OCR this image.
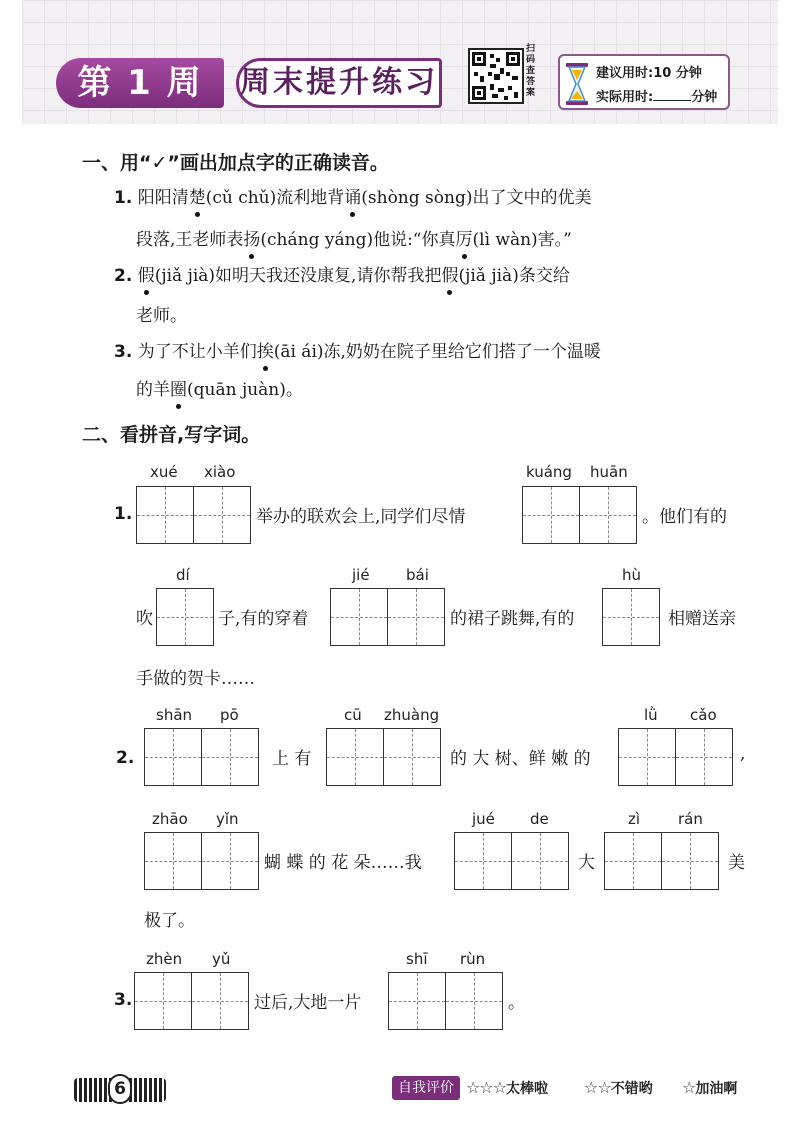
第 1 周	周末提升练习
扫码查答案
建议用时:10 分钟
实际用时:	分钟
一、用“✓”画出加点字的正确读音。
1. 阳阳清楚(cǔ chǔ)流利地背诵(shòng sòng)出了文中的优美
段落,王老师表扬(cháng yáng)他说:“你真厉(lì wàn)害。”
2. 假(jiǎ jià)如明天我还没康复,请你帮我把假(jiǎ jià)条交给
老师。
3. 为了不让小羊们挨(āi ái)冻,奶奶在院子里给它们搭了一个温暖
的羊圈(quān juàn)。
二、看拼音,写字词。
1.
xué xiào
举办的联欢会上,同学们尽情
kuáng huān
。他们有的
吹
dí
子,有的穿着
jié bái
的裙子跳舞,有的
hù
相赠送亲
手做的贺卡……
2.
shān pō
上 有
cū zhuàng
的 大 树、鲜 嫩 的
lǜ cǎo
,
zhāo yǐn
蝴 蝶 的 花 朵……我
jué de
大
zì	rán
美
极了。
3.
zhèn yǔ
过后,大地一片
shī rùn
。
6	自我评价 ☆☆☆太棒啦 ☆☆不错哟 ☆加油啊
